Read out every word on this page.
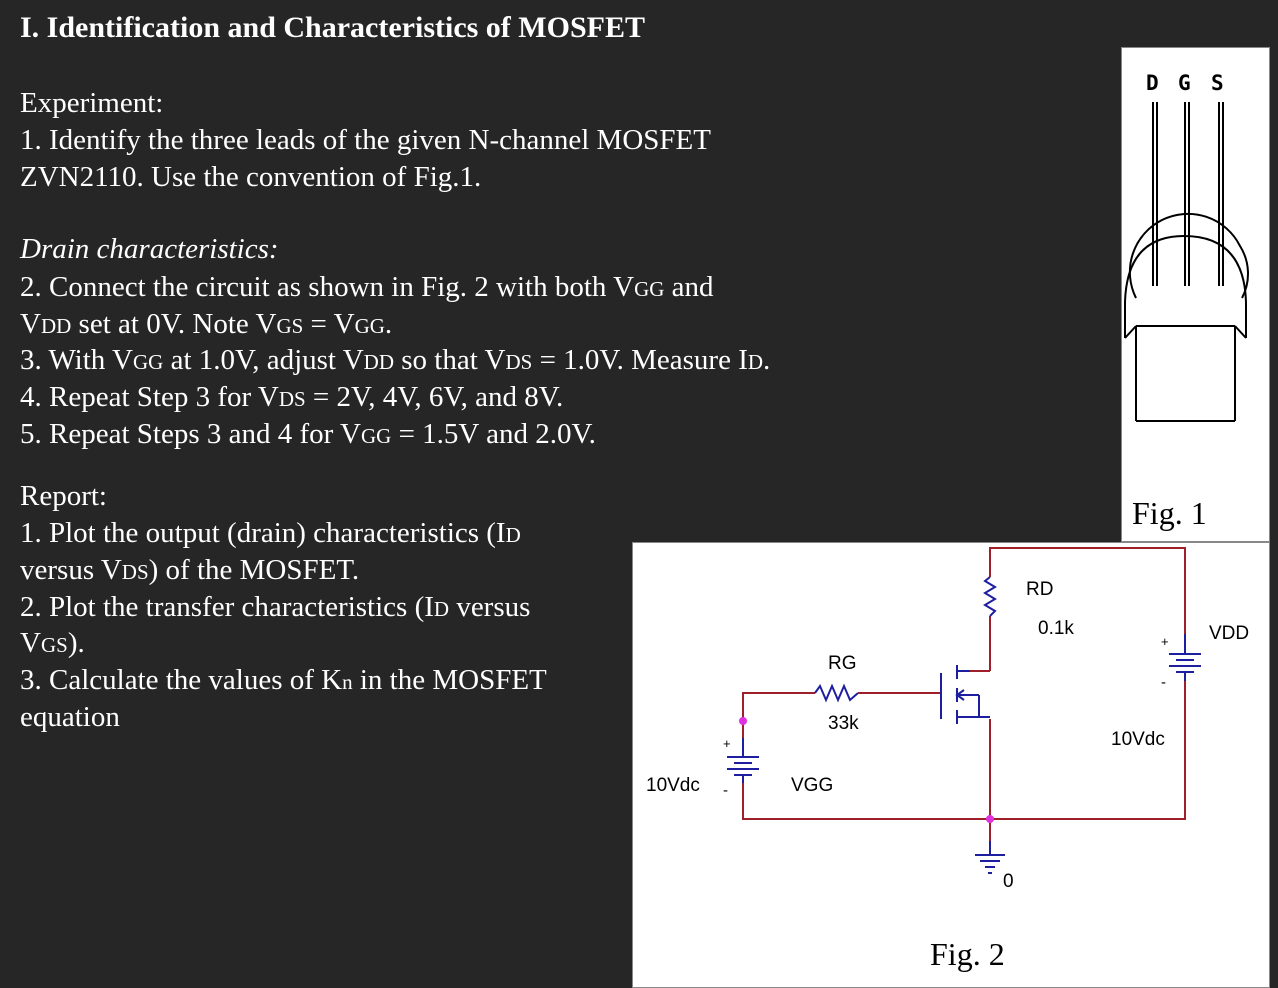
I. Identification and Characteristics of MOSFET
Experiment:
1. Identify the three leads of the given N-channel MOSFET
ZVN2110. Use the convention of Fig.1.
Drain characteristics:
2. Connect the circuit as shown in Fig. 2 with both VGG and
VDD set at 0V. Note VGS = VGG.
3. With VGG at 1.0V, adjust VDD so that VDS = 1.0V. Measure ID.
4. Repeat Step 3 for VDS = 2V, 4V, 6V, and 8V.
5. Repeat Steps 3 and 4 for VGG = 1.5V and 2.0V.
Report:
1. Plot the output (drain) characteristics (ID
versus VDS) of the MOSFET.
2. Plot the transfer characteristics (ID versus
VGS).
3. Calculate the values of Kn in the MOSFET
equation
D G S
Fig. 1
RD
0.1k
RG
33k
+
-
10Vdc	VGG
+
-
VDD
10Vdc
0
Fig. 2
